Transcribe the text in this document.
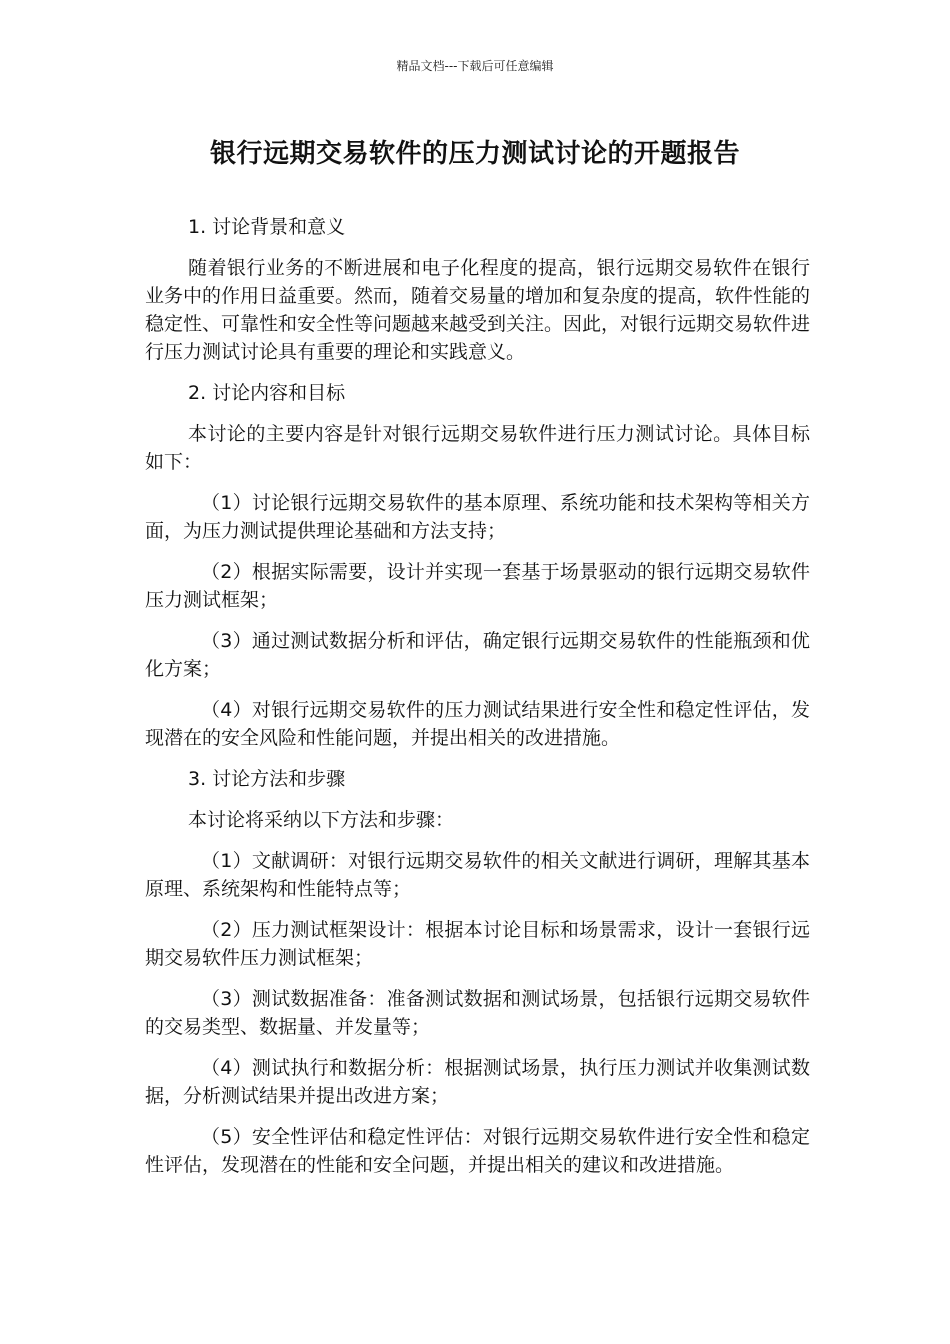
精品文档---下载后可任意编辑
银行远期交易软件的压力测试讨论的开题报告

1. 讨论背景和意义

随着银行业务的不断进展和电子化程度的提高，银行远期交易软件在银行业务中的作用日益重要。然而，随着交易量的增加和复杂度的提高，软件性能的稳定性、可靠性和安全性等问题越来越受到关注。因此，对银行远期交易软件进行压力测试讨论具有重要的理论和实践意义。

2. 讨论内容和目标

本讨论的主要内容是针对银行远期交易软件进行压力测试讨论。具体目标如下：

（1）讨论银行远期交易软件的基本原理、系统功能和技术架构等相关方面，为压力测试提供理论基础和方法支持；

（2）根据实际需要，设计并实现一套基于场景驱动的银行远期交易软件压力测试框架；

（3）通过测试数据分析和评估，确定银行远期交易软件的性能瓶颈和优化方案；

（4）对银行远期交易软件的压力测试结果进行安全性和稳定性评估，发现潜在的安全风险和性能问题，并提出相关的改进措施。

3. 讨论方法和步骤

本讨论将采纳以下方法和步骤：

（1）文献调研：对银行远期交易软件的相关文献进行调研，理解其基本原理、系统架构和性能特点等；

（2）压力测试框架设计：根据本讨论目标和场景需求，设计一套银行远期交易软件压力测试框架；

（3）测试数据准备：准备测试数据和测试场景，包括银行远期交易软件的交易类型、数据量、并发量等；

（4）测试执行和数据分析：根据测试场景，执行压力测试并收集测试数据，分析测试结果并提出改进方案；

（5）安全性评估和稳定性评估：对银行远期交易软件进行安全性和稳定性评估，发现潜在的性能和安全问题，并提出相关的建议和改进措施。
